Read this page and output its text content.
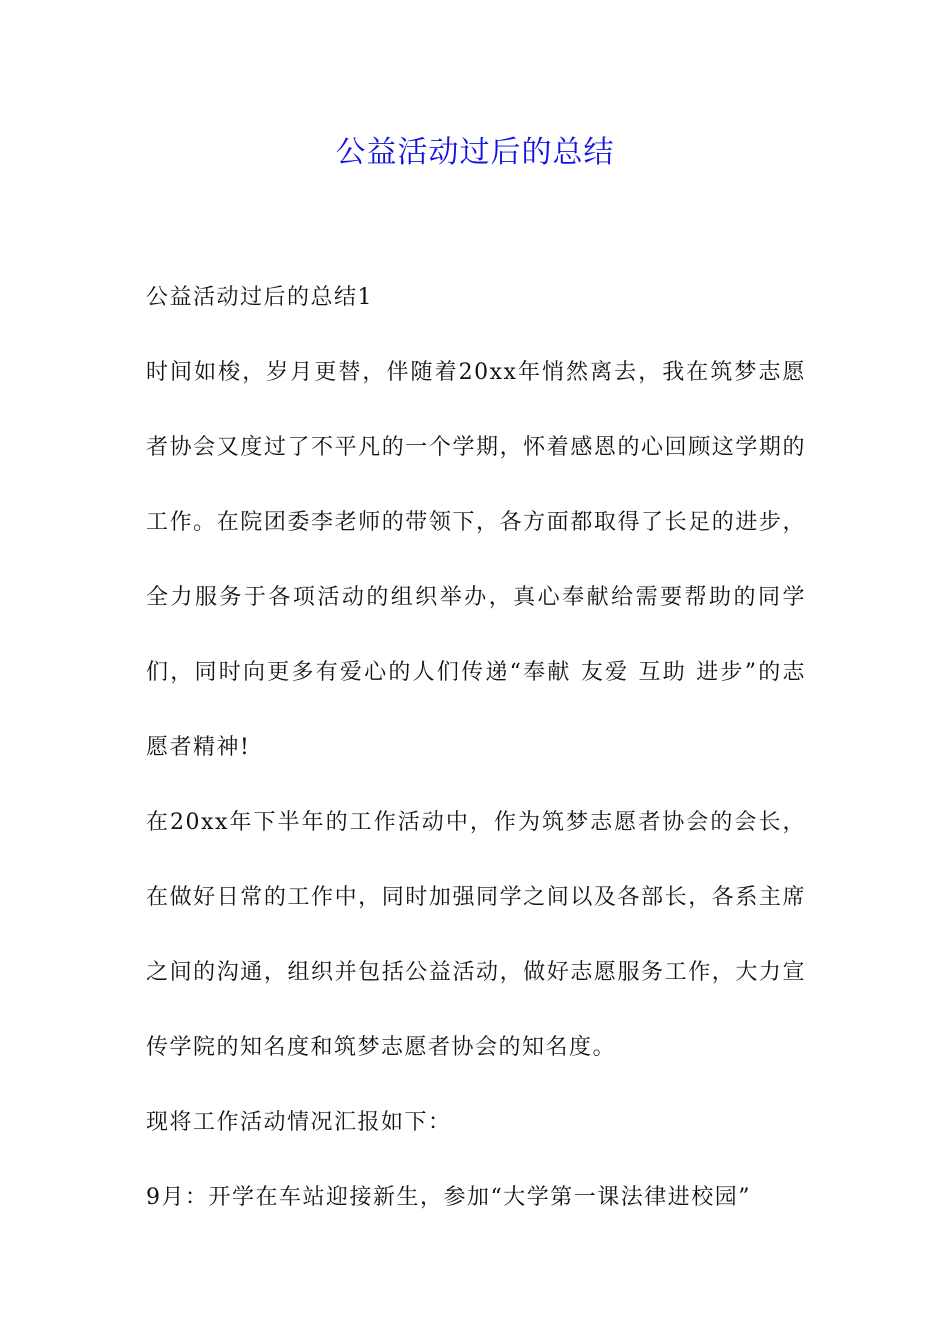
公益活动过后的总结

公益活动过后的总结1

时间如梭，岁月更替，伴随着20xx年悄然离去，我在筑梦志愿者协会又度过了不平凡的一个学期，怀着感恩的心回顾这学期的工作。在院团委李老师的带领下，各方面都取得了长足的进步，全力服务于各项活动的组织举办，真心奉献给需要帮助的同学们，同时向更多有爱心的人们传递“奉献 友爱 互助 进步”的志愿者精神!

在20xx年下半年的工作活动中，作为筑梦志愿者协会的会长，在做好日常的工作中，同时加强同学之间以及各部长，各系主席之间的沟通，组织并包括公益活动，做好志愿服务工作，大力宣传学院的知名度和筑梦志愿者协会的知名度。

现将工作活动情况汇报如下：

9月：开学在车站迎接新生，参加“大学第一课法律进校园”
